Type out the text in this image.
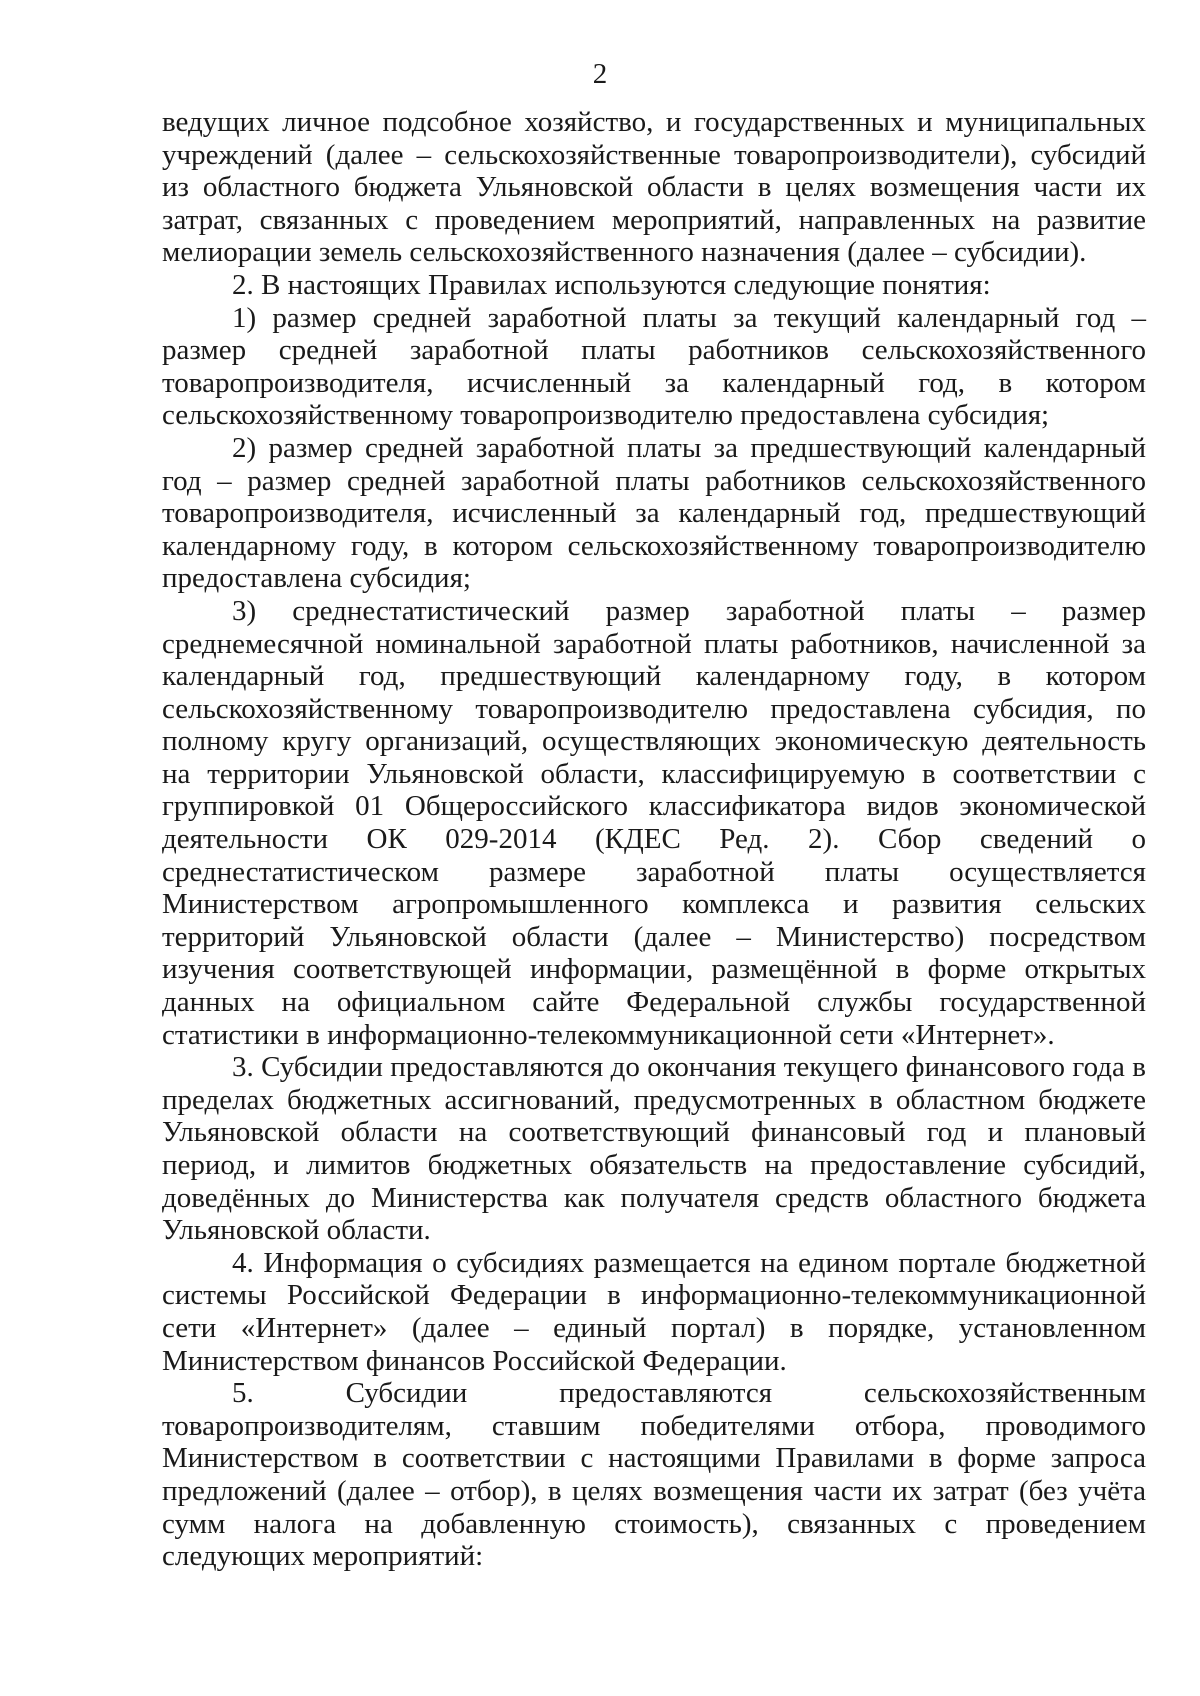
2

ведущих личное подсобное хозяйство, и государственных и муниципальных учреждений (далее – сельскохозяйственные товаропроизводители), субсидий из областного бюджета Ульяновской области в целях возмещения части их затрат, связанных с проведением мероприятий, направленных на развитие мелиорации земель сельскохозяйственного назначения (далее – субсидии).

2. В настоящих Правилах используются следующие понятия:

1) размер средней заработной платы за текущий календарный год – размер средней заработной платы работников сельскохозяйственного товаропроизводителя, исчисленный за календарный год, в котором сельскохозяйственному товаропроизводителю предоставлена субсидия;

2) размер средней заработной платы за предшествующий календарный год – размер средней заработной платы работников сельскохозяйственного товаропроизводителя, исчисленный за календарный год, предшествующий календарному году, в котором сельскохозяйственному товаропроизводителю предоставлена субсидия;

3) среднестатистический размер заработной платы – размер среднемесячной номинальной заработной платы работников, начисленной за календарный год, предшествующий календарному году, в котором сельскохозяйственному товаропроизводителю предоставлена субсидия, по полному кругу организаций, осуществляющих экономическую деятельность на территории Ульяновской области, классифицируемую в соответствии с группировкой 01 Общероссийского классификатора видов экономической деятельности ОК 029-2014 (КДЕС Ред. 2). Сбор сведений о среднестатистическом размере заработной платы осуществляется Министерством агропромышленного комплекса и развития сельских территорий Ульяновской области (далее – Министерство) посредством изучения соответствующей информации, размещённой в форме открытых данных на официальном сайте Федеральной службы государственной статистики в информационно-телекоммуникационной сети «Интернет».

3. Субсидии предоставляются до окончания текущего финансового года в пределах бюджетных ассигнований, предусмотренных в областном бюджете Ульяновской области на соответствующий финансовый год и плановый период, и лимитов бюджетных обязательств на предоставление субсидий, доведённых до Министерства как получателя средств областного бюджета Ульяновской области.

4. Информация о субсидиях размещается на едином портале бюджетной системы Российской Федерации в информационно-телекоммуникационной сети «Интернет» (далее – единый портал) в порядке, установленном Министерством финансов Российской Федерации.

5. Субсидии предоставляются сельскохозяйственным товаропроизводителям, ставшим победителями отбора, проводимого Министерством в соответствии с настоящими Правилами в форме запроса предложений (далее – отбор), в целях возмещения части их затрат (без учёта сумм налога на добавленную стоимость), связанных с проведением следующих мероприятий:
